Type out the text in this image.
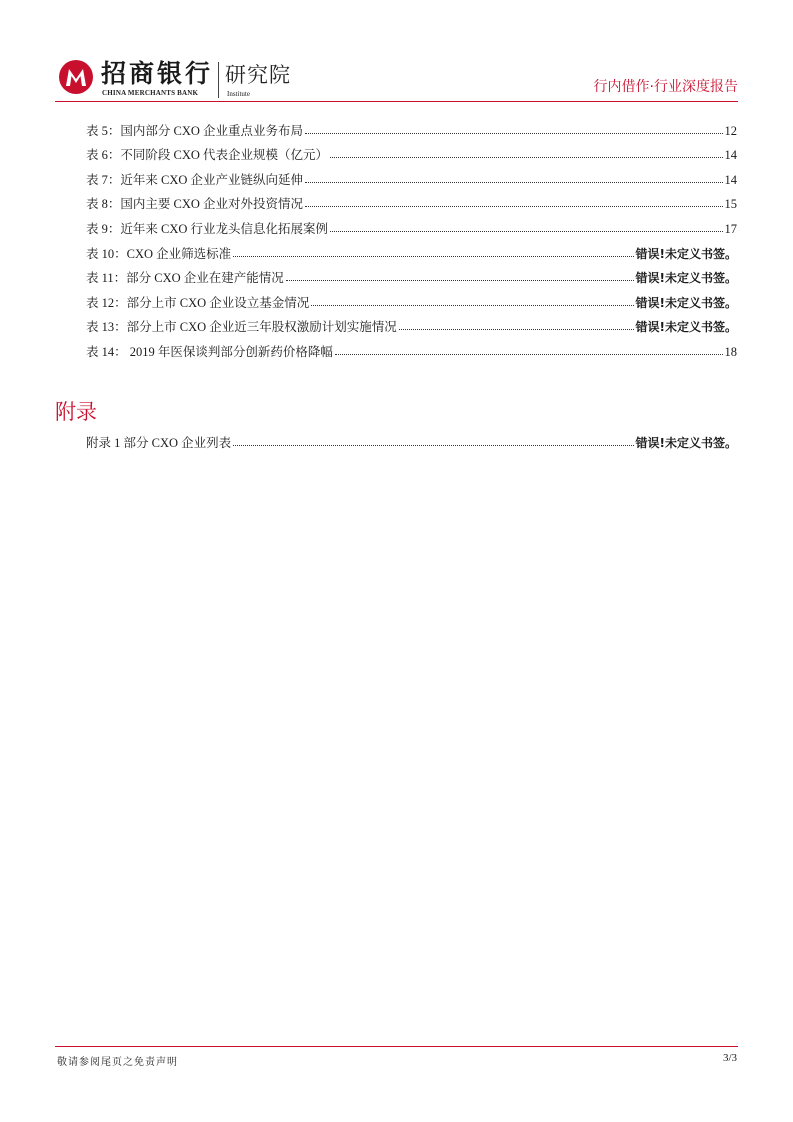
招商银行
CHINA MERCHANTS BANK
研究院
Institute	行内借作·行业深度报告
表 5：国内部分 CXO 企业重点业务布局	12
表 6：不同阶段 CXO 代表企业规模（亿元）	14
表 7：近年来 CXO 企业产业链纵向延伸	14
表 8：国内主要 CXO 企业对外投资情况	15
表 9：近年来 CXO 行业龙头信息化拓展案例	17
表 10：CXO 企业筛选标准	错误!未定义书签。
表 11：部分 CXO 企业在建产能情况	错误!未定义书签。
表 12：部分上市 CXO 企业设立基金情况	错误!未定义书签。
表 13：部分上市 CXO 企业近三年股权激励计划实施情况	错误!未定义书签。
表 14： 2019 年医保谈判部分创新药价格降幅	18
附录
附录 1 部分 CXO 企业列表	错误!未定义书签。
敬请参阅尾页之免责声明	3/3
